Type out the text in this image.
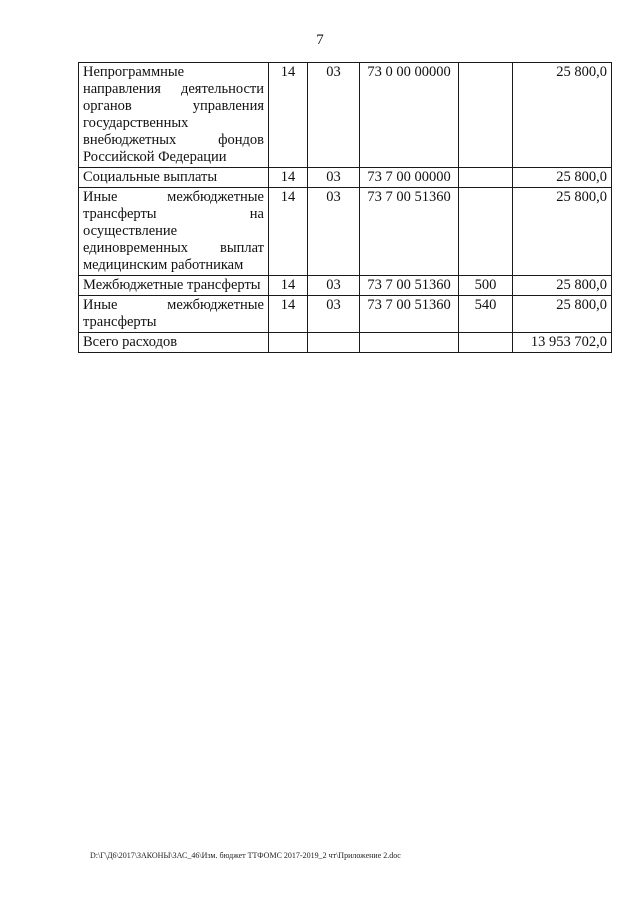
7
Непрограммные направления деятельности органов управления государственных внебюджетных фондов Российской Федерации	14	03	73 0 00 00000		25 800,0
Социальные выплаты	14	03	73 7 00 00000		25 800,0
Иные межбюджетные трансферты на осуществление единовременных выплат медицинским работникам	14	03	73 7 00 51360		25 800,0
Межбюджетные трансферты	14	03	73 7 00 51360	500	25 800,0
Иные межбюджетные трансферты	14	03	73 7 00 51360	540	25 800,0
Всего расходов					13 953 702,0
D:\Г\Д6\2017\ЗАКОНЫ\ЗАС_46\Изм. бюджет ТТФОМС 2017-2019_2 чт\Приложение 2.doc
